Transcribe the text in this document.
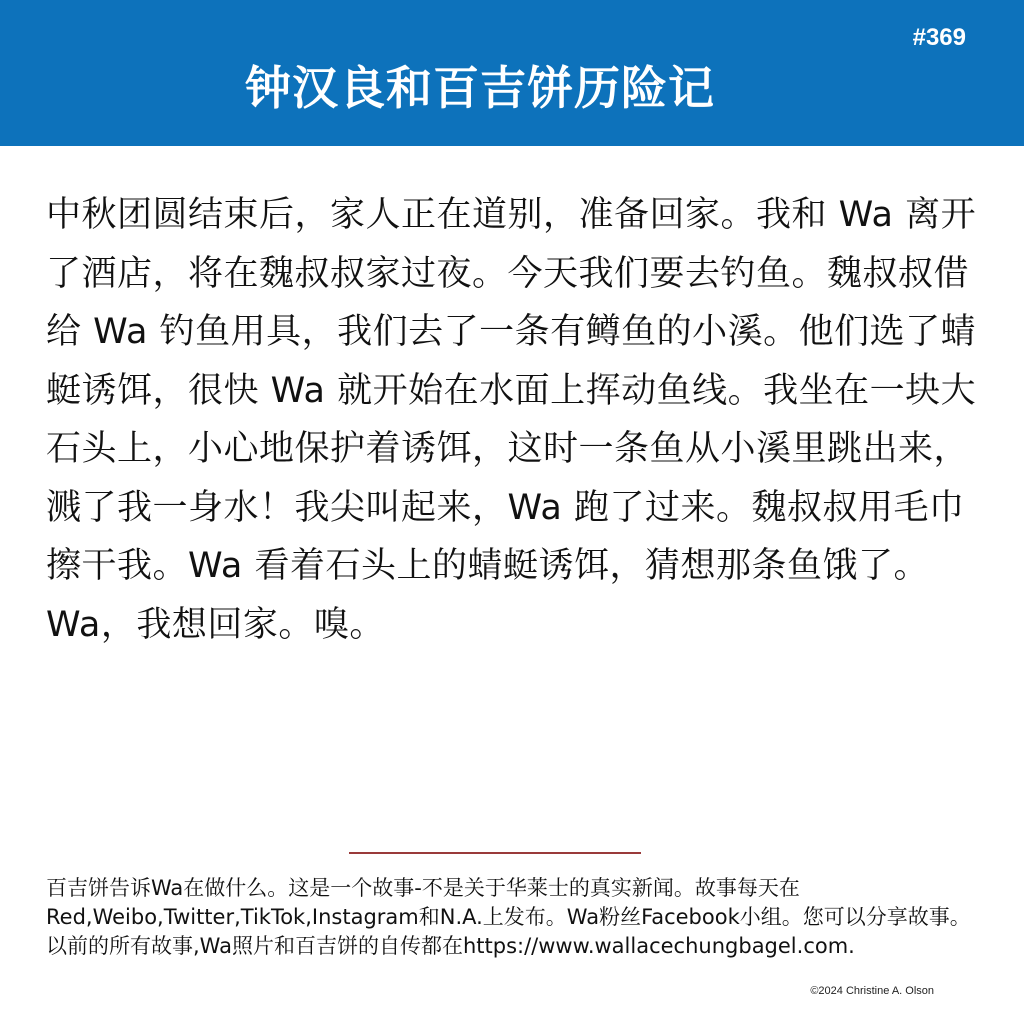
#369
钟汉良和百吉饼历险记

中秋团圆结束后，家人正在道别，准备回家。我和 Wa 离开了酒店，将在魏叔叔家过夜。今天我们要去钓鱼。魏叔叔借给 Wa 钓鱼用具，我们去了一条有鳟鱼的小溪。他们选了蜻蜓诱饵，很快 Wa 就开始在水面上挥动鱼线。我坐在一块大石头上，小心地保护着诱饵，这时一条鱼从小溪里跳出来，溅了我一身水！我尖叫起来，Wa 跑了过来。魏叔叔用毛巾擦干我。Wa 看着石头上的蜻蜓诱饵，猜想那条鱼饿了。Wa，我想回家。嗅。

百吉饼告诉Wa在做什么。这是一个故事-不是关于华莱士的真实新闻。故事每天在Red,Weibo,Twitter,TikTok,Instagram和N.A.上发布。Wa粉丝Facebook小组。您可以分享故事。以前的所有故事,Wa照片和百吉饼的自传都在https://www.wallacechungbagel.com.

©2024 Christine A. Olson
